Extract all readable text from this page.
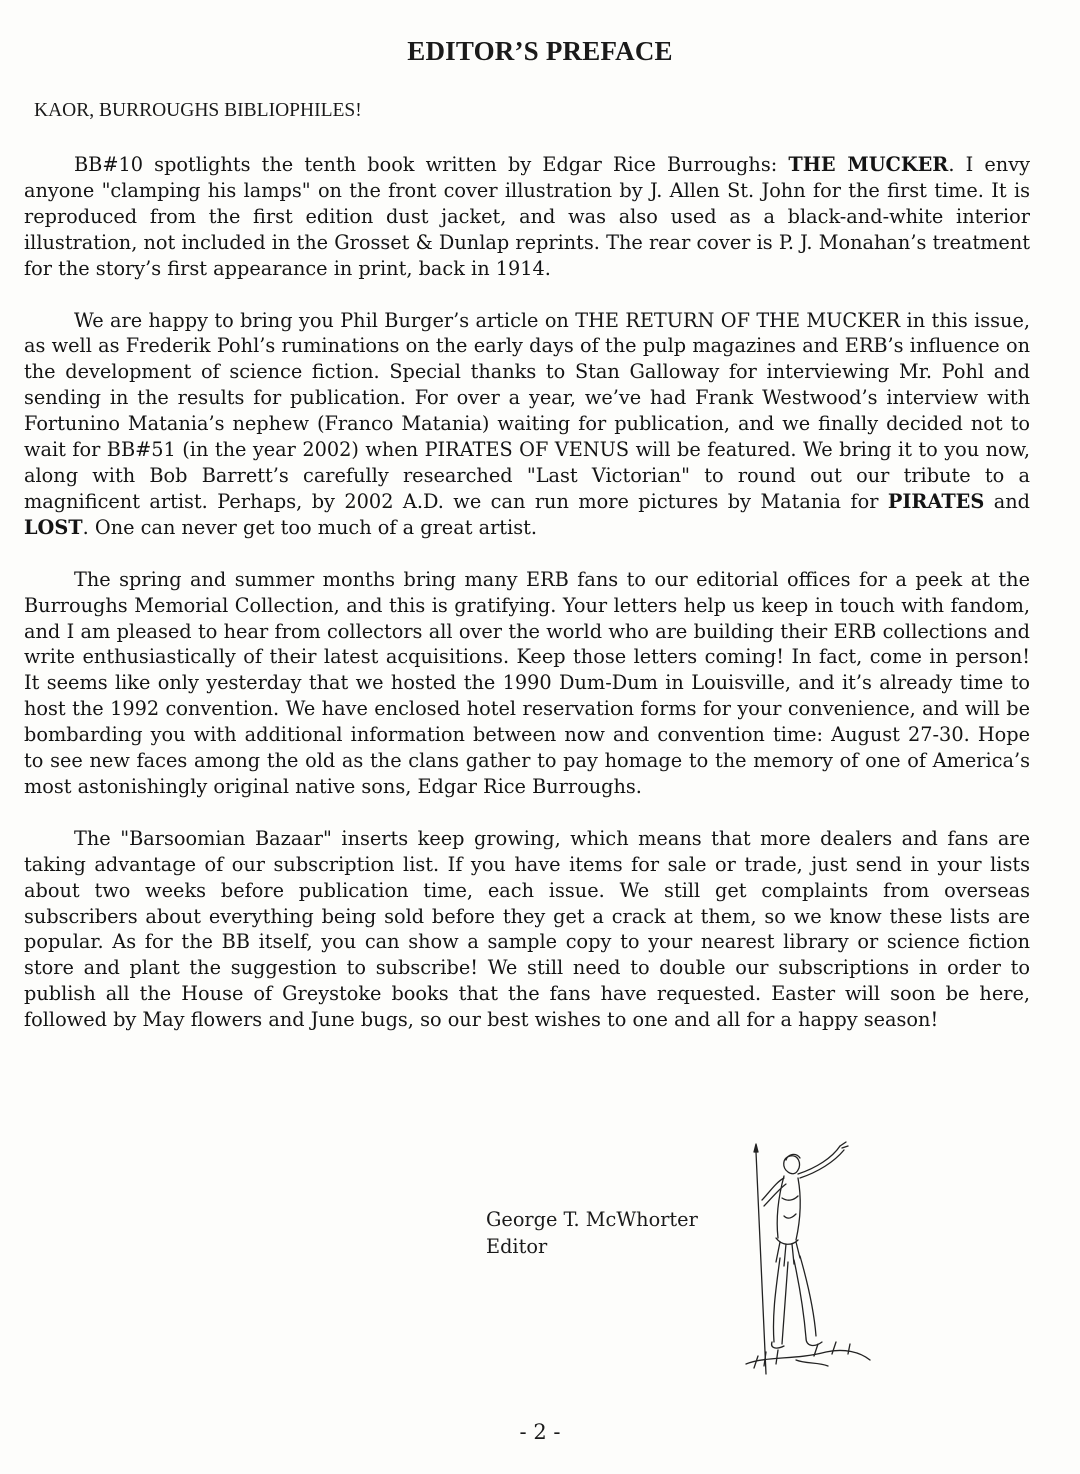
EDITOR’S PREFACE
KAOR, BURROUGHS BIBLIOPHILES!

BB#10 spotlights the tenth book written by Edgar Rice Burroughs: THE MUCKER. I envy anyone "clamping his lamps" on the front cover illustration by J. Allen St. John for the first time. It is reproduced from the first edition dust jacket, and was also used as a black-and-white interior illustration, not included in the Grosset & Dunlap reprints. The rear cover is P. J. Monahan’s treatment for the story’s first appearance in print, back in 1914.

We are happy to bring you Phil Burger’s article on THE RETURN OF THE MUCKER in this issue, as well as Frederik Pohl’s ruminations on the early days of the pulp magazines and ERB’s influence on the development of science fiction. Special thanks to Stan Galloway for interviewing Mr. Pohl and sending in the results for publication. For over a year, we’ve had Frank Westwood’s interview with Fortunino Matania’s nephew (Franco Matania) waiting for publication, and we finally decided not to wait for BB#51 (in the year 2002) when PIRATES OF VENUS will be featured. We bring it to you now, along with Bob Barrett’s carefully researched "Last Victorian" to round out our tribute to a magnificent artist. Perhaps, by 2002 A.D. we can run more pictures by Matania for PIRATES and LOST. One can never get too much of a great artist.

The spring and summer months bring many ERB fans to our editorial offices for a peek at the Burroughs Memorial Collection, and this is gratifying. Your letters help us keep in touch with fandom, and I am pleased to hear from collectors all over the world who are building their ERB collections and write enthusiastically of their latest acquisitions. Keep those letters coming! In fact, come in person! It seems like only yesterday that we hosted the 1990 Dum-Dum in Louisville, and it’s already time to host the 1992 convention. We have enclosed hotel reservation forms for your convenience, and will be bombarding you with additional information between now and convention time: August 27-30. Hope to see new faces among the old as the clans gather to pay homage to the memory of one of America’s most astonishingly original native sons, Edgar Rice Burroughs.

The "Barsoomian Bazaar" inserts keep growing, which means that more dealers and fans are taking advantage of our subscription list. If you have items for sale or trade, just send in your lists about two weeks before publication time, each issue. We still get complaints from overseas subscribers about everything being sold before they get a crack at them, so we know these lists are popular. As for the BB itself, you can show a sample copy to your nearest library or science fiction store and plant the suggestion to subscribe! We still need to double our subscriptions in order to publish all the House of Greystoke books that the fans have requested. Easter will soon be here, followed by May flowers and June bugs, so our best wishes to one and all for a happy season!

George T. McWhorter
Editor
- 2 -
